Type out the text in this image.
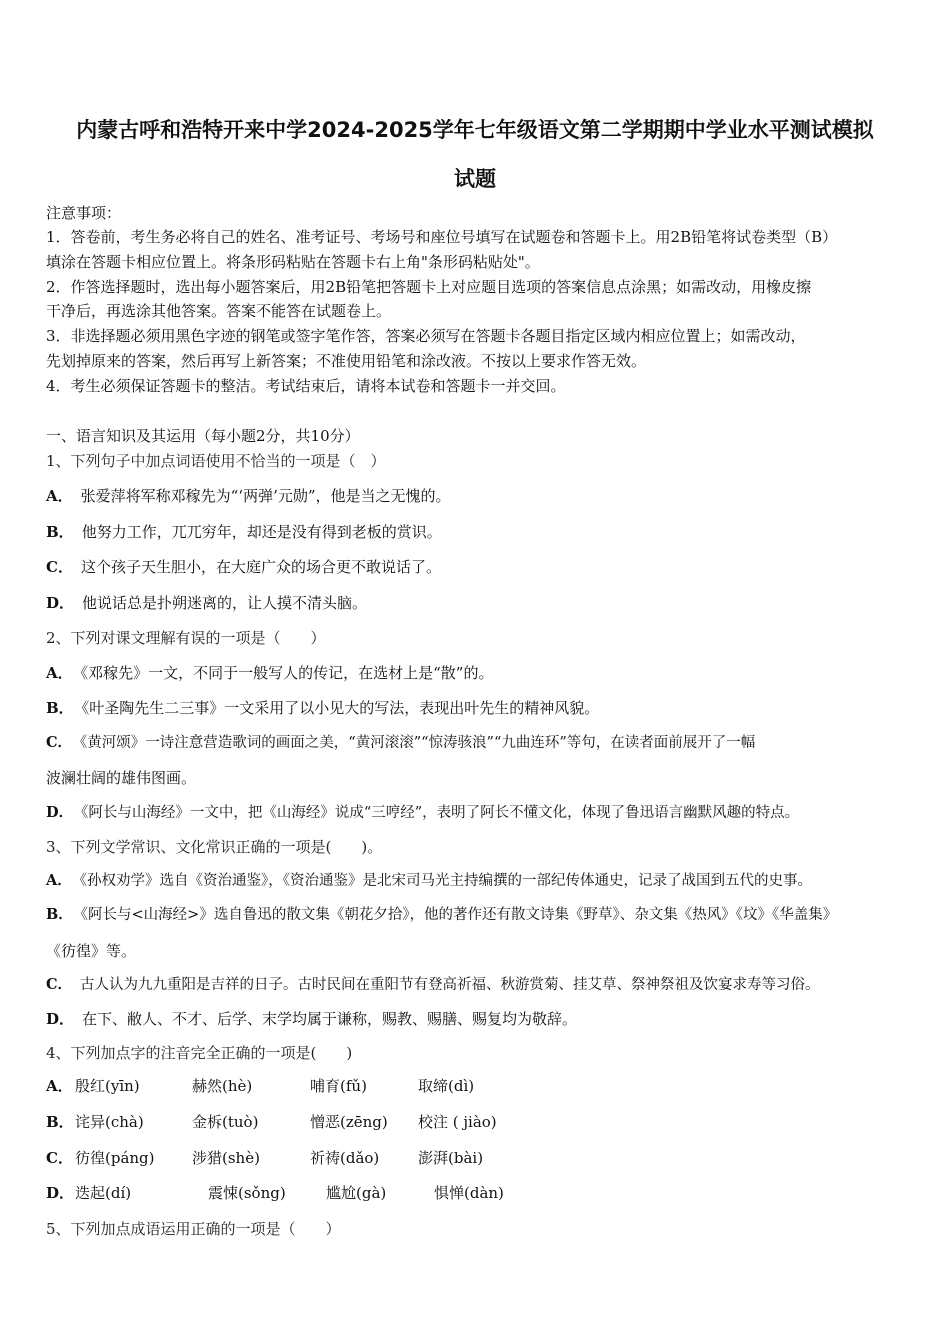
内蒙古呼和浩特开来中学2024-2025学年七年级语文第二学期期中学业水平测试模拟
试题
注意事项：
1．答卷前，考生务必将自己的姓名、准考证号、考场号和座位号填写在试题卷和答题卡上。用2B铅笔将试卷类型（B）
填涂在答题卡相应位置上。将条形码粘贴在答题卡右上角"条形码粘贴处"。
2．作答选择题时，选出每小题答案后，用2B铅笔把答题卡上对应题目选项的答案信息点涂黑；如需改动，用橡皮擦
干净后，再选涂其他答案。答案不能答在试题卷上。
3．非选择题必须用黑色字迹的钢笔或签字笔作答，答案必须写在答题卡各题目指定区域内相应位置上；如需改动，
先划掉原来的答案，然后再写上新答案；不准使用铅笔和涂改液。不按以上要求作答无效。
4．考生必须保证答题卡的整洁。考试结束后，请将本试卷和答题卡一并交回。
一、语言知识及其运用（每小题2分，共10分）
1、下列句子中加点词语使用不恰当的一项是（　）
A． 张爱萍将军称邓稼先为“‘两弹’元勋”，他是当之无愧的。
B． 他努力工作，兀兀穷年，却还是没有得到老板的赏识。
C． 这个孩子天生胆小，在大庭广众的场合更不敢说话了。
D． 他说话总是扑朔迷离的，让人摸不清头脑。
2、下列对课文理解有误的一项是（　　）
A． 《邓稼先》一文，不同于一般写人的传记，在选材上是“散”的。
B． 《叶圣陶先生二三事》一文采用了以小见大的写法，表现出叶先生的精神风貌。
C． 《黄河颂》一诗注意营造歌词的画面之美，“黄河滚滚”“惊涛骇浪”“九曲连环”等句，在读者面前展开了一幅
波澜壮阔的雄伟图画。
D． 《阿长与山海经》一文中，把《山海经》说成“三哼经”，表明了阿长不懂文化，体现了鲁迅语言幽默风趣的特点。
3、下列文学常识、文化常识正确的一项是(　　)。
A． 《孙权劝学》选自《资治通鉴》，《资治通鉴》是北宋司马光主持编撰的一部纪传体通史，记录了战国到五代的史事。
B． 《阿长与<山海经>》选自鲁迅的散文集《朝花夕拾》，他的著作还有散文诗集《野草》、杂文集《热风》《坟》《华盖集》
《彷徨》等。
C． 古人认为九九重阳是吉祥的日子。古时民间在重阳节有登高祈福、秋游赏菊、挂艾草、祭神祭祖及饮宴求寿等习俗。
D． 在下、敝人、不才、后学、末学均属于谦称，赐教、赐膳、赐复均为敬辞。
4、下列加点字的注音完全正确的一项是(　　)
A． 殷红(yīn)	赫然(hè)	哺育(fǔ)	取缔(dì)
B． 诧异(chà)	金柝(tuò)	憎恶(zēng) 校注 ( jiào)
C． 彷徨(páng) 涉猎(shè)	祈祷(dǎo)	澎湃(bài)
D． 迭起(dí)	震悚(sǒng)	尴尬(gà)	惧惮(dàn)
5、下列加点成语运用正确的一项是（　　）
